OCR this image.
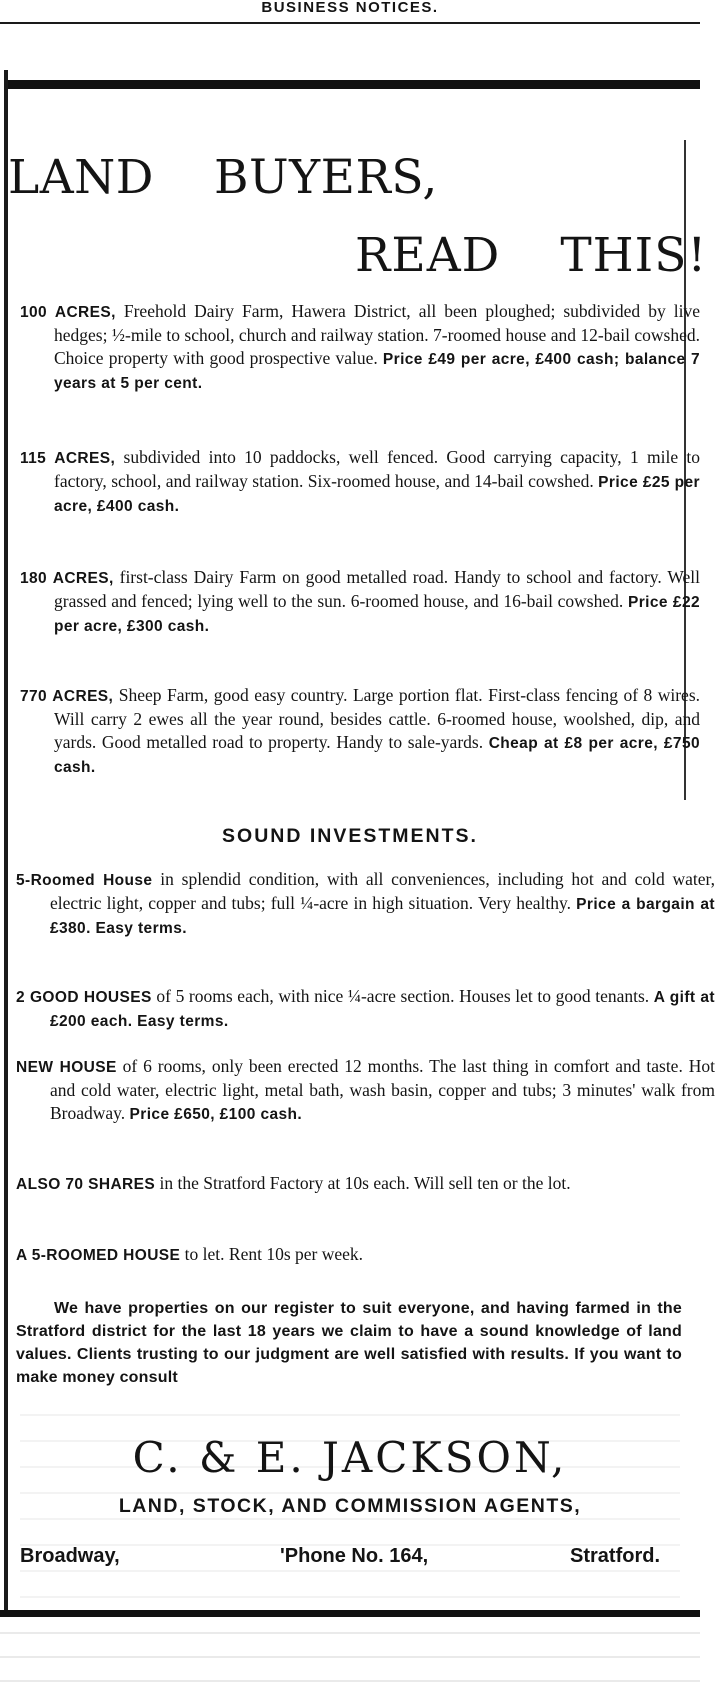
BUSINESS NOTICES.
LAND BUYERS,
READ THIS!
100 ACRES, Freehold Dairy Farm, Hawera District, all been ploughed; subdivided by live hedges; ½-mile to school, church and railway station. 7-roomed house and 12-bail cowshed. Choice property with good prospective value. Price £49 per acre, £400 cash; balance 7 years at 5 per cent.
115 ACRES, subdivided into 10 paddocks, well fenced. Good carrying capacity, 1 mile to factory, school, and railway station. Six-roomed house, and 14-bail cowshed. Price £25 per acre, £400 cash.
180 ACRES, first-class Dairy Farm on good metalled road. Handy to school and factory. Well grassed and fenced; lying well to the sun. 6-roomed house, and 16-bail cowshed. Price £22 per acre, £300 cash.
770 ACRES, Sheep Farm, good easy country. Large portion flat. First-class fencing of 8 wires. Will carry 2 ewes all the year round, besides cattle. 6-roomed house, woolshed, dip, and yards. Good metalled road to property. Handy to sale-yards. Cheap at £8 per acre, £750 cash.
SOUND INVESTMENTS.
5-Roomed House in splendid condition, with all conveniences, including hot and cold water, electric light, copper and tubs; full ¼-acre in high situation. Very healthy. Price a bargain at £380. Easy terms.
2 GOOD HOUSES of 5 rooms each, with nice ¼-acre section. Houses let to good tenants. A gift at £200 each. Easy terms.
NEW HOUSE of 6 rooms, only been erected 12 months. The last thing in comfort and taste. Hot and cold water, electric light, metal bath, wash basin, copper and tubs; 3 minutes' walk from Broadway. Price £650, £100 cash.
ALSO 70 SHARES in the Stratford Factory at 10s each. Will sell ten or the lot.
A 5-ROOMED HOUSE to let. Rent 10s per week.
We have properties on our register to suit everyone, and having farmed in the Stratford district for the last 18 years we claim to have a sound knowledge of land values. Clients trusting to our judgment are well satisfied with results. If you want to make money consult
C. & E. JACKSON,
LAND, STOCK, AND COMMISSION AGENTS,
Broadway,	'Phone No. 164,	Stratford.
